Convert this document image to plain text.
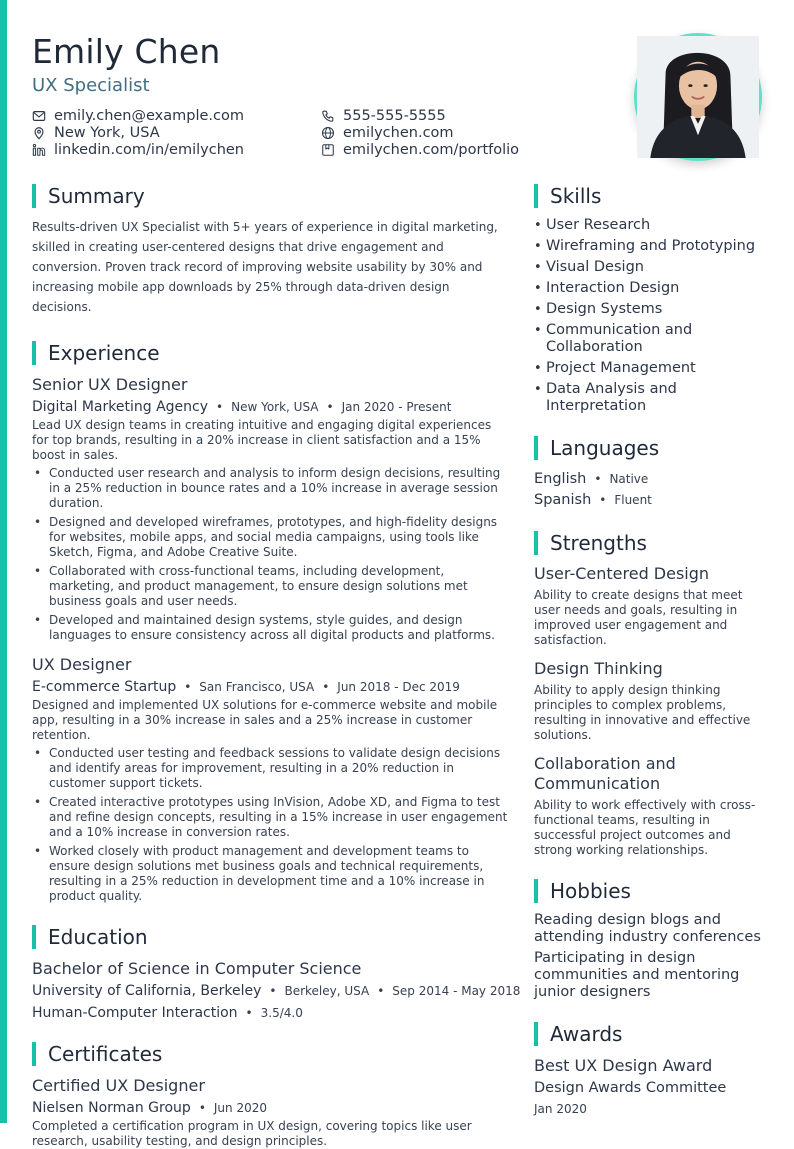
Emily Chen
UX Specialist
emily.chen@example.com	555-555-5555
New York, USA	emilychen.com
linkedin.com/in/emilychen	emilychen.com/portfolio
Summary

Results-driven UX Specialist with 5+ years of experience in digital marketing, skilled in creating user-centered designs that drive engagement and conversion. Proven track record of improving website usability by 30% and increasing mobile app downloads by 25% through data-driven design decisions.

Experience
Senior UX Designer
Digital Marketing Agency • New York, USA • Jan 2020 - Present

Lead UX design teams in creating intuitive and engaging digital experiences for top brands, resulting in a 20% increase in client satisfaction and a 15% boost in sales.

• Conducted user research and analysis to inform design decisions, resulting in a 25% reduction in bounce rates and a 10% increase in average session duration.
• Designed and developed wireframes, prototypes, and high-fidelity designs for websites, mobile apps, and social media campaigns, using tools like Sketch, Figma, and Adobe Creative Suite.
• Collaborated with cross-functional teams, including development, marketing, and product management, to ensure design solutions met business goals and user needs.
• Developed and maintained design systems, style guides, and design languages to ensure consistency across all digital products and platforms.
UX Designer
E-commerce Startup • San Francisco, USA • Jun 2018 - Dec 2019

Designed and implemented UX solutions for e-commerce website and mobile app, resulting in a 30% increase in sales and a 25% increase in customer retention.

• Conducted user testing and feedback sessions to validate design decisions and identify areas for improvement, resulting in a 20% reduction in customer support tickets.
• Created interactive prototypes using InVision, Adobe XD, and Figma to test and refine design concepts, resulting in a 15% increase in user engagement and a 10% increase in conversion rates.
• Worked closely with product management and development teams to ensure design solutions met business goals and technical requirements, resulting in a 25% reduction in development time and a 10% increase in product quality.
Education
Bachelor of Science in Computer Science
University of California, Berkeley • Berkeley, USA • Sep 2014 - May 2018
Human-Computer Interaction • 3.5/4.0
Certificates
Certified UX Designer
Nielsen Norman Group • Jun 2020

Completed a certification program in UX design, covering topics like user research, usability testing, and design principles.

Skills
• User Research
• Wireframing and Prototyping
• Visual Design
• Interaction Design
• Design Systems
• Communication and Collaboration
• Project Management
• Data Analysis and Interpretation
Languages
English • Native
Spanish • Fluent
Strengths
User-Centered Design

Ability to create designs that meet user needs and goals, resulting in improved user engagement and satisfaction.

Design Thinking

Ability to apply design thinking principles to complex problems, resulting in innovative and effective solutions.

Collaboration and Communication

Ability to work effectively with cross-functional teams, resulting in successful project outcomes and strong working relationships.

Hobbies
Reading design blogs and attending industry conferences
Participating in design communities and mentoring junior designers
Awards
Best UX Design Award
Design Awards Committee
Jan 2020
